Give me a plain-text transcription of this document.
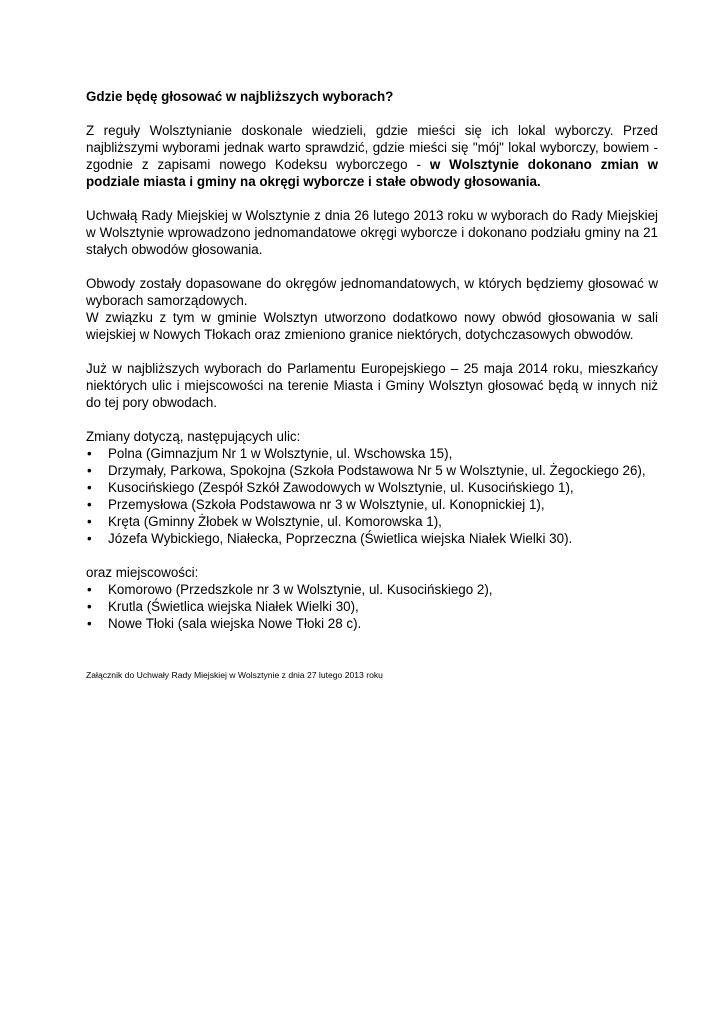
Gdzie będę głosować w najbliższych wyborach?

Z reguły Wolsztynianie doskonale wiedzieli, gdzie mieści się ich lokal wyborczy. Przed najbliższymi wyborami jednak warto sprawdzić, gdzie mieści się "mój" lokal wyborczy, bowiem - zgodnie z zapisami nowego Kodeksu wyborczego - w Wolsztynie dokonano zmian w podziale miasta i gminy na okręgi wyborcze i stałe obwody głosowania.

Uchwałą Rady Miejskiej w Wolsztynie z dnia 26 lutego 2013 roku w wyborach do Rady Miejskiej w Wolsztynie wprowadzono jednomandatowe okręgi wyborcze i dokonano podziału gminy na 21 stałych obwodów głosowania.

Obwody zostały dopasowane do okręgów jednomandatowych, w których będziemy głosować w wyborach samorządowych.

W związku z tym w gminie Wolsztyn utworzono dodatkowo nowy obwód głosowania w sali wiejskiej w Nowych Tłokach oraz zmieniono granice niektórych, dotychczasowych obwodów.

Już w najbliższych wyborach do Parlamentu Europejskiego – 25 maja 2014 roku, mieszkańcy niektórych ulic i miejscowości na terenie Miasta i Gminy Wolsztyn głosować będą w innych niż do tej pory obwodach.

Zmiany dotyczą, następujących ulic:

• Polna (Gimnazjum Nr 1 w Wolsztynie, ul. Wschowska 15),
• Drzymały, Parkowa, Spokojna (Szkoła Podstawowa Nr 5 w Wolsztynie, ul. Żegockiego 26),
• Kusocińskiego (Zespół Szkół Zawodowych w Wolsztynie, ul. Kusocińskiego 1),
• Przemysłowa (Szkoła Podstawowa nr 3 w Wolsztynie, ul. Konopnickiej 1),
• Kręta (Gminny Żłobek w Wolsztynie, ul. Komorowska 1),
• Józefa Wybickiego, Niałecka, Poprzeczna (Świetlica wiejska Niałek Wielki 30).

oraz miejscowości:

• Komorowo (Przedszkole nr 3 w Wolsztynie, ul. Kusocińskiego 2),
• Krutla (Świetlica wiejska Niałek Wielki 30),
• Nowe Tłoki (sala wiejska Nowe Tłoki 28 c).

Załącznik do Uchwały Rady Miejskiej w Wolsztynie z dnia 27 lutego 2013 roku
